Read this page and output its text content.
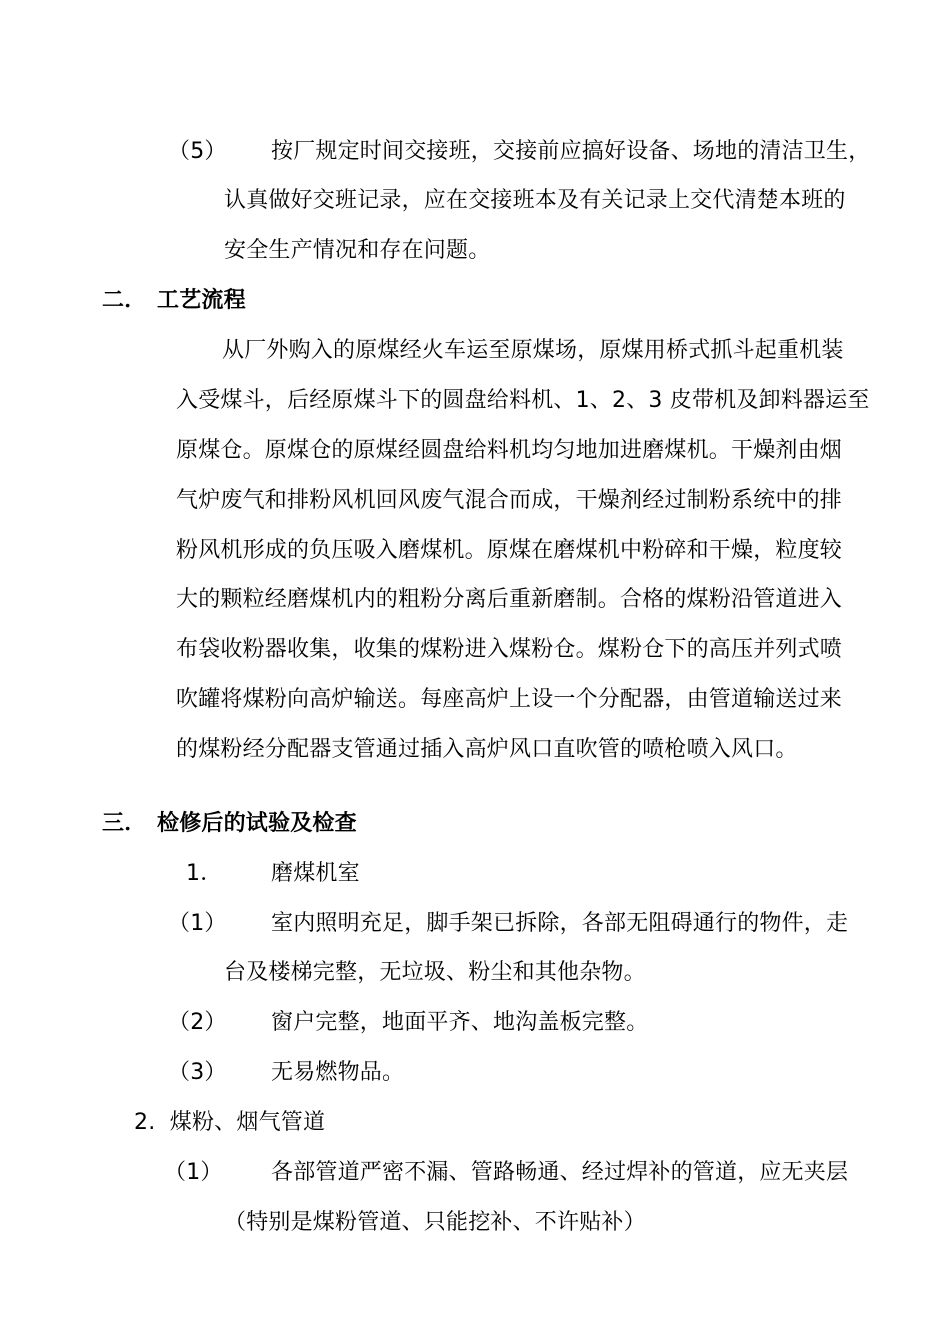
（5） 按厂规定时间交接班，交接前应搞好设备、场地的清洁卫生，
认真做好交班记录，应在交接班本及有关记录上交代清楚本班的
安全生产情况和存在问题。
二． 工艺流程
从厂外购入的原煤经火车运至原煤场，原煤用桥式抓斗起重机装
入受煤斗，后经原煤斗下的圆盘给料机、1、2、3 皮带机及卸料器运至
原煤仓。原煤仓的原煤经圆盘给料机均匀地加进磨煤机。干燥剂由烟
气炉废气和排粉风机回风废气混合而成，干燥剂经过制粉系统中的排
粉风机形成的负压吸入磨煤机。原煤在磨煤机中粉碎和干燥，粒度较
大的颗粒经磨煤机内的粗粉分离后重新磨制。合格的煤粉沿管道进入
布袋收粉器收集，收集的煤粉进入煤粉仓。煤粉仓下的高压并列式喷
吹罐将煤粉向高炉输送。每座高炉上设一个分配器，由管道输送过来
的煤粉经分配器支管通过插入高炉风口直吹管的喷枪喷入风口。
三． 检修后的试验及检查
1． 磨煤机室
（1） 室内照明充足，脚手架已拆除，各部无阻碍通行的物件，走
台及楼梯完整，无垃圾、粉尘和其他杂物。
（2） 窗户完整，地面平齐、地沟盖板完整。
（3） 无易燃物品。
2.  煤粉、烟气管道
（1） 各部管道严密不漏、管路畅通、经过焊补的管道，应无夹层
（特别是煤粉管道、只能挖补、不许贴补）
